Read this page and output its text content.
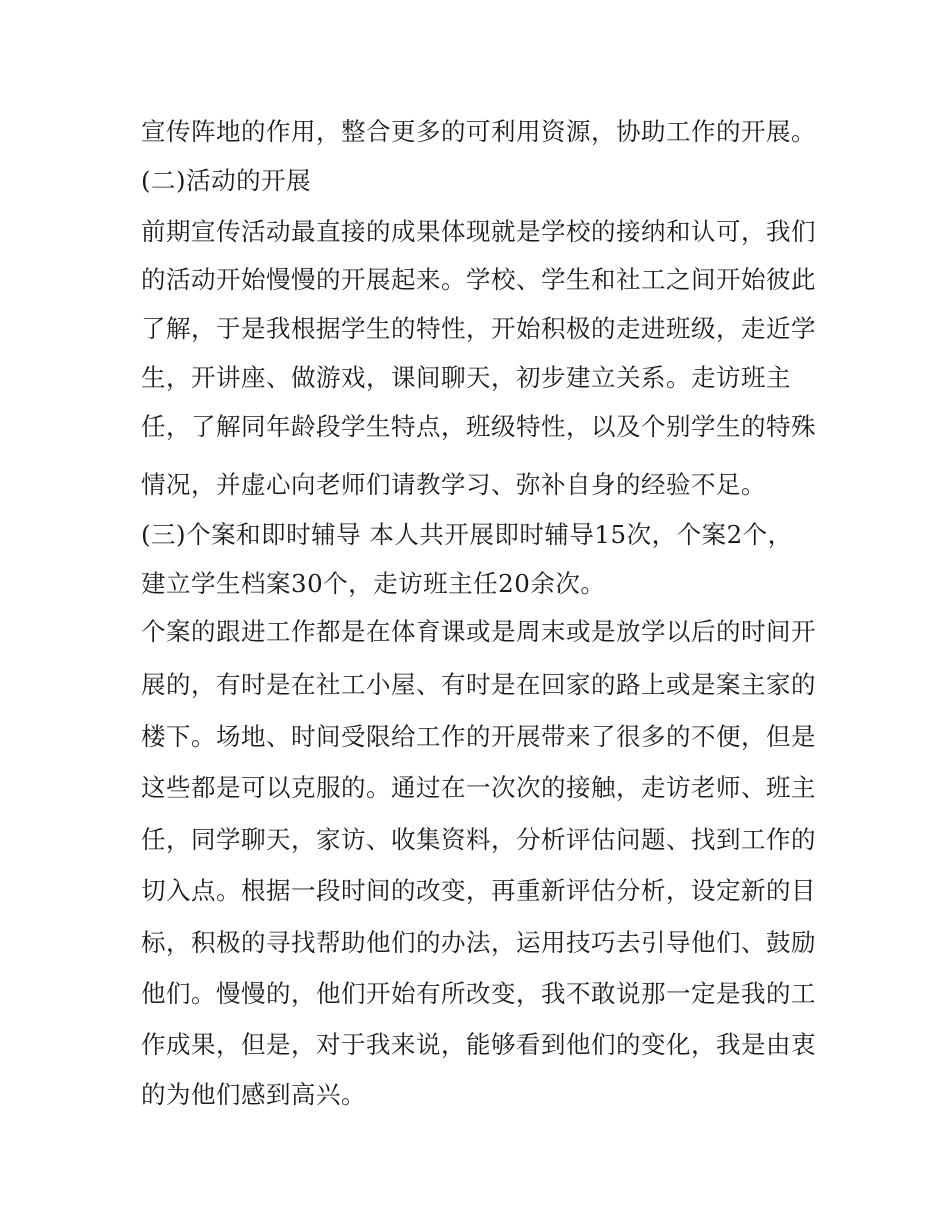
宣传阵地的作用，整合更多的可利用资源，协助工作的开展。
(二)活动的开展
前期宣传活动最直接的成果体现就是学校的接纳和认可，我们
的活动开始慢慢的开展起来。学校、学生和社工之间开始彼此
了解，于是我根据学生的特性，开始积极的走进班级，走近学
生，开讲座、做游戏，课间聊天，初步建立关系。走访班主
任，了解同年龄段学生特点，班级特性，以及个别学生的特殊
情况，并虚心向老师们请教学习、弥补自身的经验不足。
(三)个案和即时辅导 本人共开展即时辅导15次，个案2个，
建立学生档案30个，走访班主任20余次。
个案的跟进工作都是在体育课或是周末或是放学以后的时间开
展的，有时是在社工小屋、有时是在回家的路上或是案主家的
楼下。场地、时间受限给工作的开展带来了很多的不便，但是
这些都是可以克服的。通过在一次次的接触，走访老师、班主
任，同学聊天，家访、收集资料，分析评估问题、找到工作的
切入点。根据一段时间的改变，再重新评估分析，设定新的目
标，积极的寻找帮助他们的办法，运用技巧去引导他们、鼓励
他们。慢慢的，他们开始有所改变，我不敢说那一定是我的工
作成果，但是，对于我来说，能够看到他们的变化，我是由衷
的为他们感到高兴。
